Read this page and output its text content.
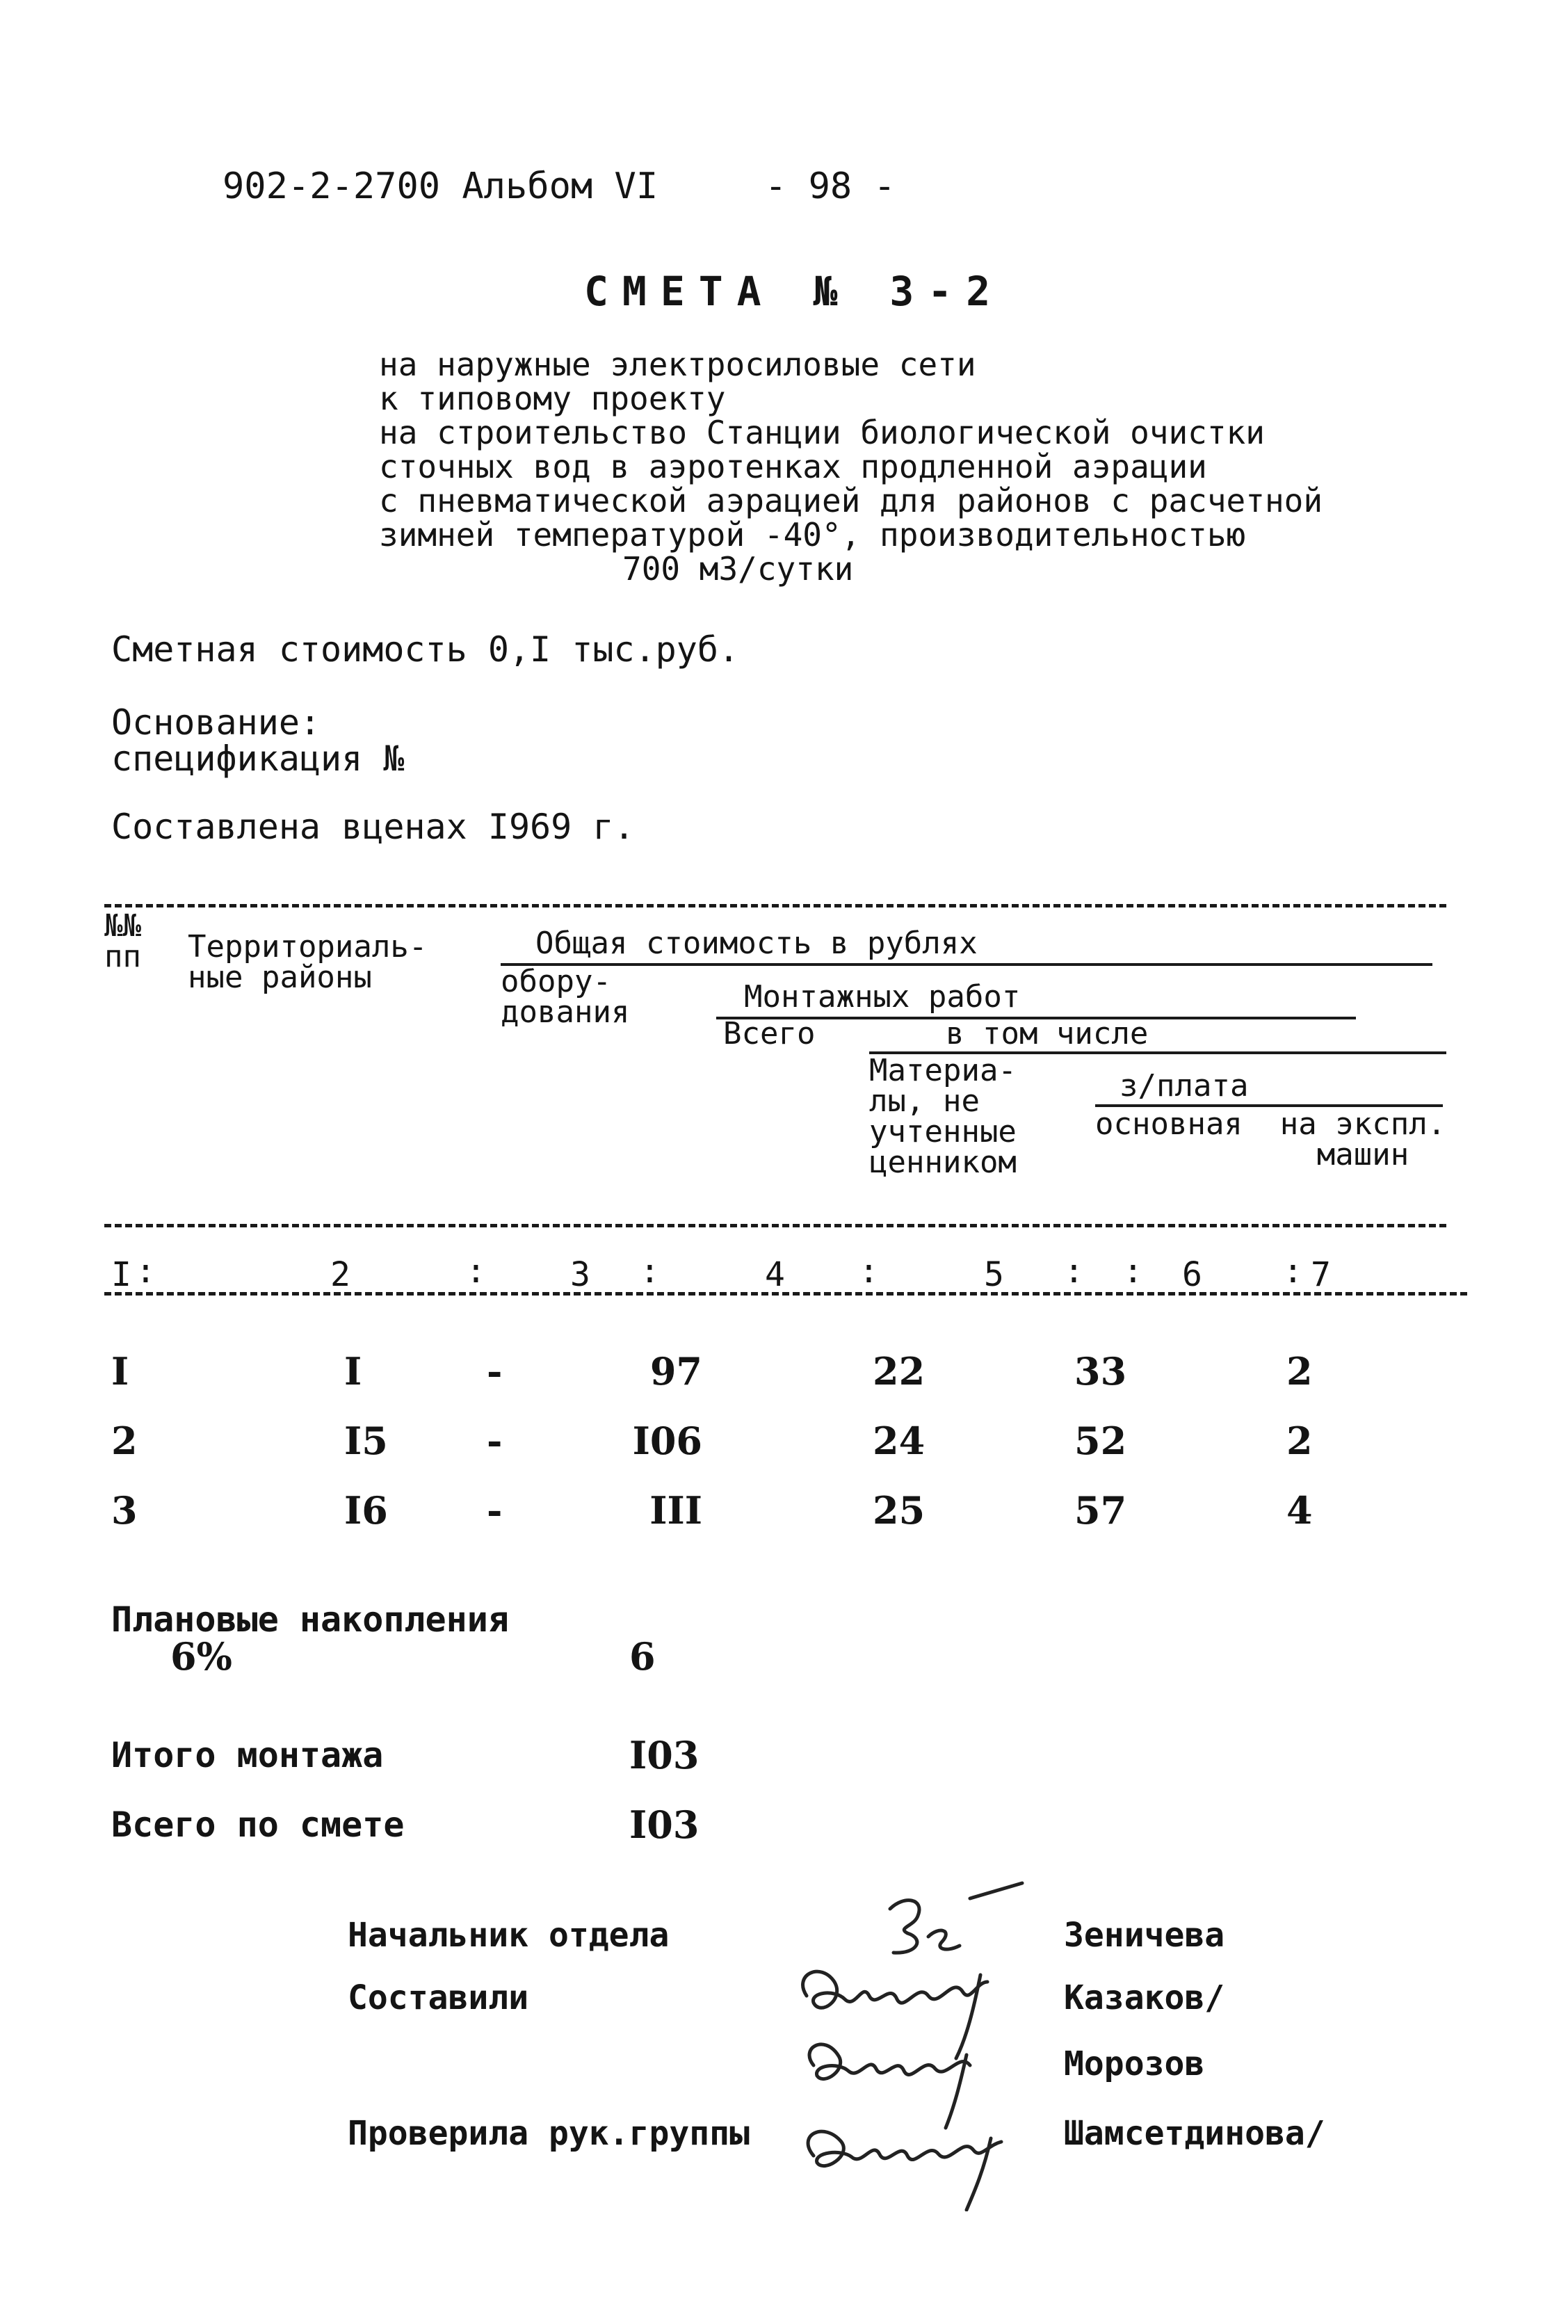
902-2-2700 Альбом VI	- 98 -
СМЕТА № 3-2
на наружные электросиловые сети
к типовому проекту
на строительство Станции биологической очистки
сточных вод в аэротенках продленной аэрации
с пневматической аэрацией для районов с расчетной
зимней температурой -40°, производительностью
700 м3/сутки
Сметная стоимость 0,I тыс.руб.
Основание:
спецификация №
Составлена вценах I969 г.
№№ пп	Территориаль- ные районы
Общая стоимость в рублях
обору- дования	Монтажных работ
Всего	в том числе
Материа- лы, не учтенные ценником
з/плата
основная на экспл. машин
I	2	3	4	5	6	7
:	:	:	:	: :	:
I	I	-	97	22	33	2
2	I5	-	I06	24	52	2
3	I6	-	III	25	57	4
Плановые накопления
6%	6
Итого монтажа	I03
Всего по смете	I03
Начальник отдела	Зеничева
Составили	Казаков/
Морозов
Проверила рук.группы	Шамсетдинова/
